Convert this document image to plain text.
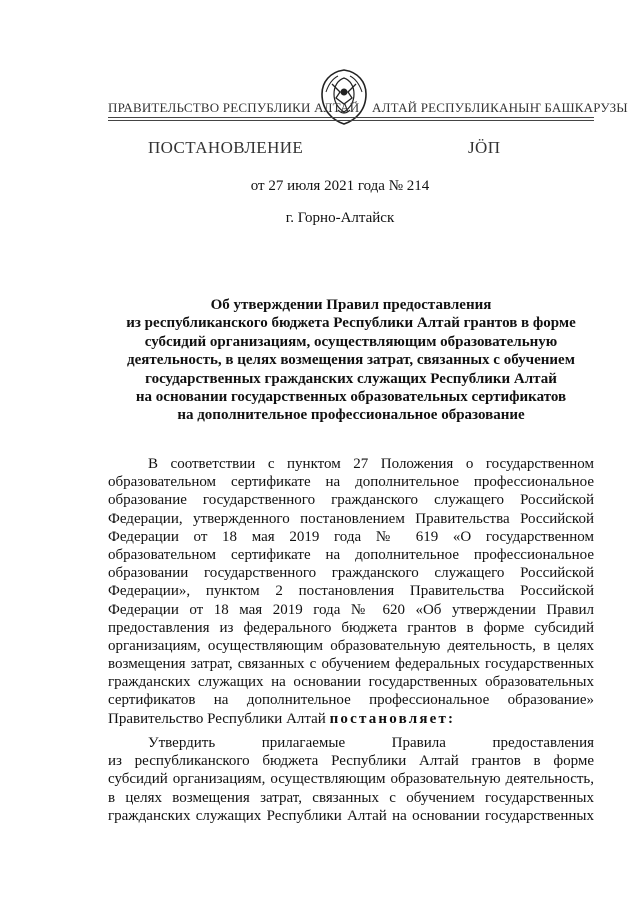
ПРАВИТЕЛЬСТВО РЕСПУБЛИКИ АЛТАЙ АЛТАЙ РЕСПУБЛИКАНЫҤ БАШКАРУЗЫ
ПОСТАНОВЛЕНИЕ	ЈӦП
от 27 июля 2021 года № 214
г. Горно-Алтайск
Об утверждении Правил предоставления
из республиканского бюджета Республики Алтай грантов в форме
субсидий организациям, осуществляющим образовательную
деятельность, в целях возмещения затрат, связанных с обучением
государственных гражданских служащих Республики Алтай
на основании государственных образовательных сертификатов
на дополнительное профессиональное образование
В соответствии с пунктом 27 Положения о государственном
образовательном сертификате на дополнительное профессиональное
образование государственного гражданского служащего Российской
Федерации, утвержденного постановлением Правительства Российской
Федерации от 18 мая 2019 года № 619 «О государственном
образовательном сертификате на дополнительное профессиональное
образовании государственного гражданского служащего Российской
Федерации», пунктом 2 постановления Правительства Российской
Федерации от 18 мая 2019 года № 620 «Об утверждении Правил
предоставления из федерального бюджета грантов в форме субсидий
организациям, осуществляющим образовательную деятельность, в целях
возмещения затрат, связанных с обучением федеральных государственных
гражданских служащих на основании государственных образовательных
сертификатов на дополнительное профессиональное образование»
Правительство Республики Алтай постановляет:
Утвердить прилагаемые Правила предоставления
из республиканского бюджета Республики Алтай грантов в форме
субсидий организациям, осуществляющим образовательную деятельность,
в целях возмещения затрат, связанных с обучением государственных
гражданских служащих Республики Алтай на основании государственных
